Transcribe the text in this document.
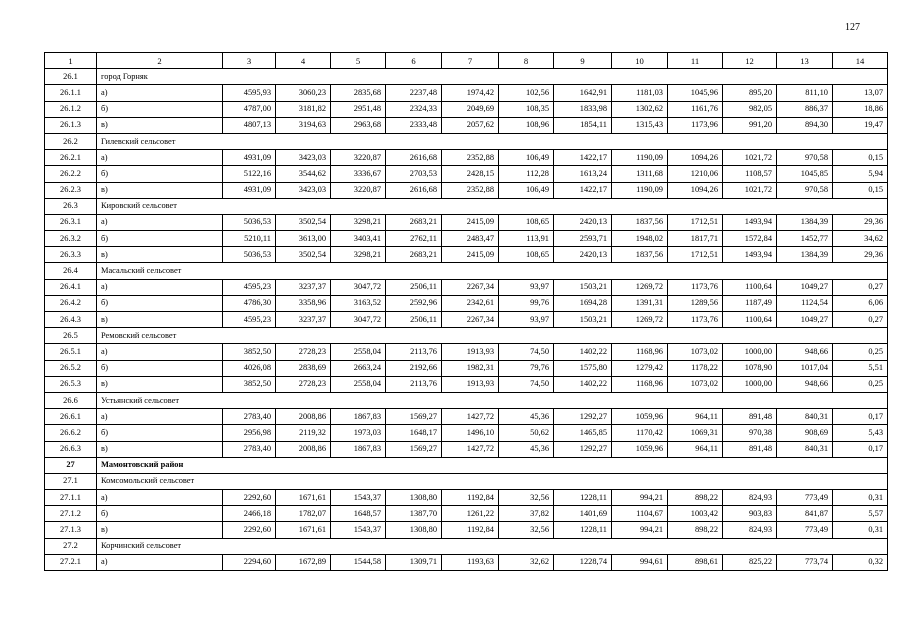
127
1	2	3	4	5	6	7	8	9	10	11	12	13	14
26.1	город Горняк												
26.1.1	а)	4595,93	3060,23	2835,68	2237,48	1974,42	102,56	1642,91	1181,03	1045,96	895,20	811,10	13,07
26.1.2	б)	4787,00	3181,82	2951,48	2324,33	2049,69	108,35	1833,98	1302,62	1161,76	982,05	886,37	18,86
26.1.3	в)	4807,13	3194,63	2963,68	2333,48	2057,62	108,96	1854,11	1315,43	1173,96	991,20	894,30	19,47
26.2	Гилевский сельсовет												
26.2.1	а)	4931,09	3423,03	3220,87	2616,68	2352,88	106,49	1422,17	1190,09	1094,26	1021,72	970,58	0,15
26.2.2	б)	5122,16	3544,62	3336,67	2703,53	2428,15	112,28	1613,24	1311,68	1210,06	1108,57	1045,85	5,94
26.2.3	в)	4931,09	3423,03	3220,87	2616,68	2352,88	106,49	1422,17	1190,09	1094,26	1021,72	970,58	0,15
26.3	Кировский сельсовет												
26.3.1	а)	5036,53	3502,54	3298,21	2683,21	2415,09	108,65	2420,13	1837,56	1712,51	1493,94	1384,39	29,36
26.3.2	б)	5210,11	3613,00	3403,41	2762,11	2483,47	113,91	2593,71	1948,02	1817,71	1572,84	1452,77	34,62
26.3.3	в)	5036,53	3502,54	3298,21	2683,21	2415,09	108,65	2420,13	1837,56	1712,51	1493,94	1384,39	29,36
26.4	Масальский сельсовет												
26.4.1	а)	4595,23	3237,37	3047,72	2506,11	2267,34	93,97	1503,21	1269,72	1173,76	1100,64	1049,27	0,27
26.4.2	б)	4786,30	3358,96	3163,52	2592,96	2342,61	99,76	1694,28	1391,31	1289,56	1187,49	1124,54	6,06
26.4.3	в)	4595,23	3237,37	3047,72	2506,11	2267,34	93,97	1503,21	1269,72	1173,76	1100,64	1049,27	0,27
26.5	Ремовский сельсовет												
26.5.1	а)	3852,50	2728,23	2558,04	2113,76	1913,93	74,50	1402,22	1168,96	1073,02	1000,00	948,66	0,25
26.5.2	б)	4026,08	2838,69	2663,24	2192,66	1982,31	79,76	1575,80	1279,42	1178,22	1078,90	1017,04	5,51
26.5.3	в)	3852,50	2728,23	2558,04	2113,76	1913,93	74,50	1402,22	1168,96	1073,02	1000,00	948,66	0,25
26.6	Устьянский сельсовет												
26.6.1	а)	2783,40	2008,86	1867,83	1569,27	1427,72	45,36	1292,27	1059,96	964,11	891,48	840,31	0,17
26.6.2	б)	2956,98	2119,32	1973,03	1648,17	1496,10	50,62	1465,85	1170,42	1069,31	970,38	908,69	5,43
26.6.3	в)	2783,40	2008,86	1867,83	1569,27	1427,72	45,36	1292,27	1059,96	964,11	891,48	840,31	0,17
27	Мамонтовский район												
27.1	Комсомольский сельсовет												
27.1.1	а)	2292,60	1671,61	1543,37	1308,80	1192,84	32,56	1228,11	994,21	898,22	824,93	773,49	0,31
27.1.2	б)	2466,18	1782,07	1648,57	1387,70	1261,22	37,82	1401,69	1104,67	1003,42	903,83	841,87	5,57
27.1.3	в)	2292,60	1671,61	1543,37	1308,80	1192,84	32,56	1228,11	994,21	898,22	824,93	773,49	0,31
27.2	Корчинский сельсовет												
27.2.1	а)	2294,60	1672,89	1544,58	1309,71	1193,63	32,62	1228,74	994,61	898,61	825,22	773,74	0,32
